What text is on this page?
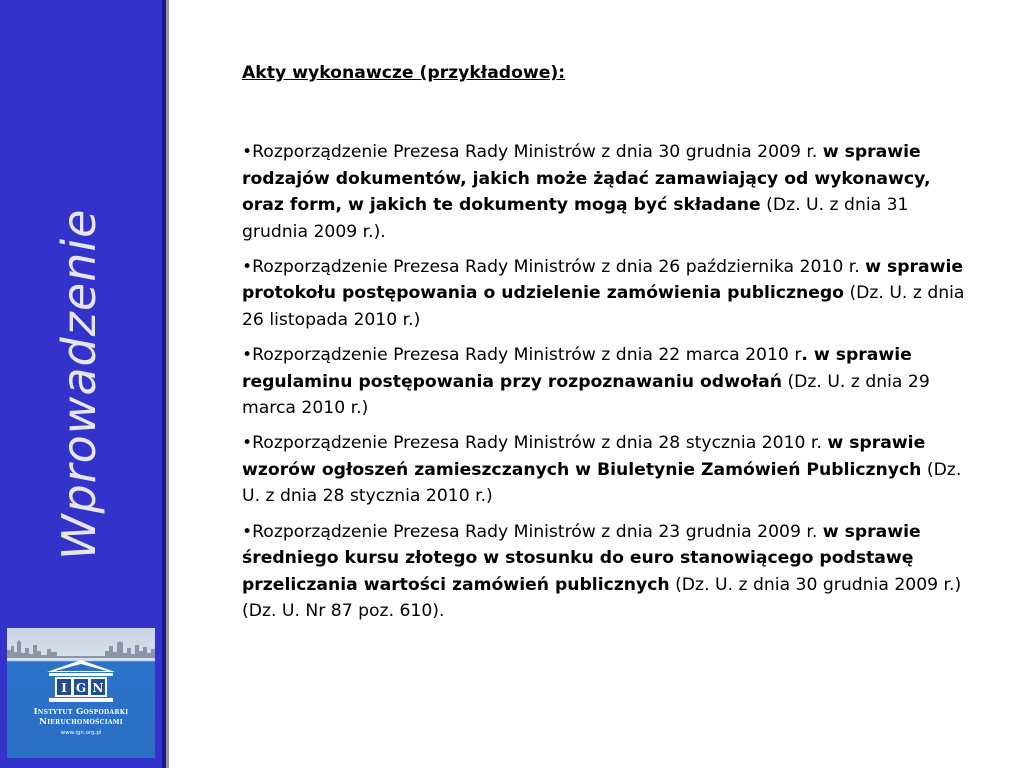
Wprowadzenie
I G N
Instytut Gospodarki
Nieruchomościami
www.ign.org.pl
Akty wykonawcze (przykładowe):
•Rozporządzenie Prezesa Rady Ministrów z dnia 30 grudnia 2009 r. w sprawie rodzajów dokumentów, jakich może żądać zamawiający od wykonawcy, oraz form, w jakich te dokumenty mogą być składane (Dz. U. z dnia 31 grudnia 2009 r.).
•Rozporządzenie Prezesa Rady Ministrów z dnia 26 października 2010 r. w sprawie protokołu postępowania o udzielenie zamówienia publicznego (Dz. U. z dnia 26 listopada 2010 r.)
•Rozporządzenie Prezesa Rady Ministrów z dnia 22 marca 2010 r. w sprawie regulaminu postępowania przy rozpoznawaniu odwołań (Dz. U. z dnia 29 marca 2010 r.)
•Rozporządzenie Prezesa Rady Ministrów z dnia 28 stycznia 2010 r. w sprawie wzorów ogłoszeń zamieszczanych w Biuletynie Zamówień Publicznych (Dz. U. z dnia 28 stycznia 2010 r.)
•Rozporządzenie Prezesa Rady Ministrów z dnia 23 grudnia 2009 r. w sprawie średniego kursu złotego w stosunku do euro stanowiącego podstawę przeliczania wartości zamówień publicznych (Dz. U. z dnia 30 grudnia 2009 r.) (Dz. U. Nr 87 poz. 610).
